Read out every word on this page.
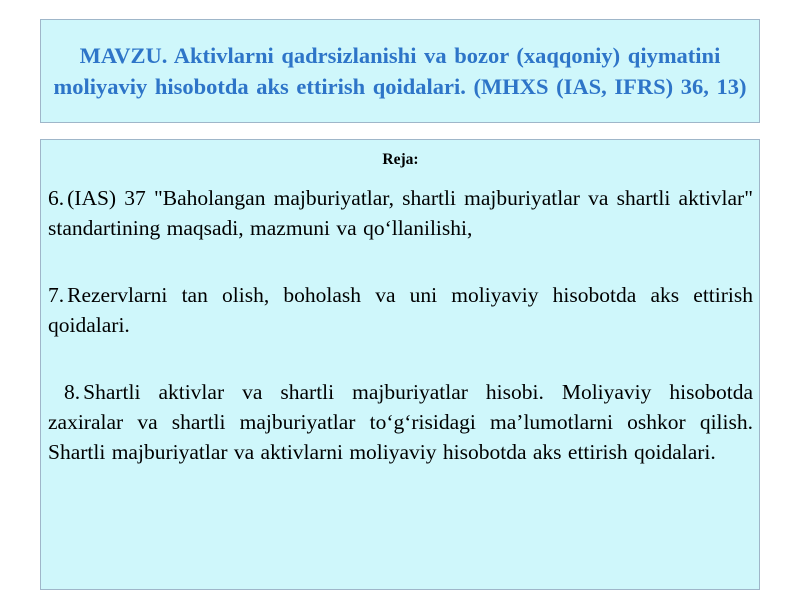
MAVZU. Aktivlarni qadrsizlanishi va bozor (xaqqoniy) qiymatini moliyaviy hisobotda aks ettirish qoidalari. (MHXS (IAS, IFRS) 36, 13)

Reja:

6. (IAS) 37 "Baholangan majburiyatlar, shartli majburiyatlar va shartli aktivlar" standartining maqsadi, mazmuni va qo‘llanilishi,

7. Rezervlarni tan olish, boholash va uni moliyaviy hisobotda aks ettirish qoidalari.

8. Shartli aktivlar va shartli majburiyatlar hisobi. Moliyaviy hisobotda zaxiralar va shartli majburiyatlar to‘g‘risidagi ma’lumotlarni oshkor qilish. Shartli majburiyatlar va aktivlarni moliyaviy hisobotda aks ettirish qoidalari.
